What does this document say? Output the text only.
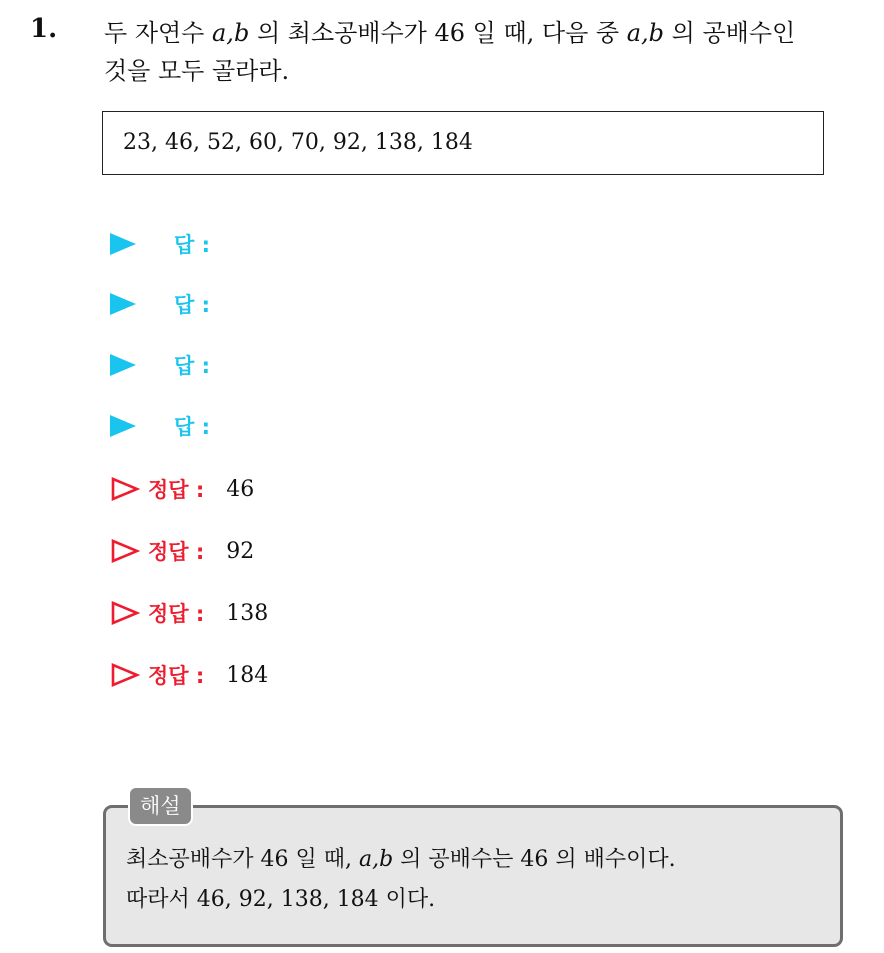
1. 두 자연수 a,b 의 최소공배수가 46 일 때, 다음 중 a,b 의 공배수인
것을 모두 골라라.
23, 46, 52, 60, 70, 92, 138, 184
답 :
답 :
답 :
답 :
정답 : 46
정답 : 92
정답 : 138
정답 : 184
해설
최소공배수가 46 일 때, a,b 의 공배수는 46 의 배수이다.
따라서 46, 92, 138, 184 이다.
